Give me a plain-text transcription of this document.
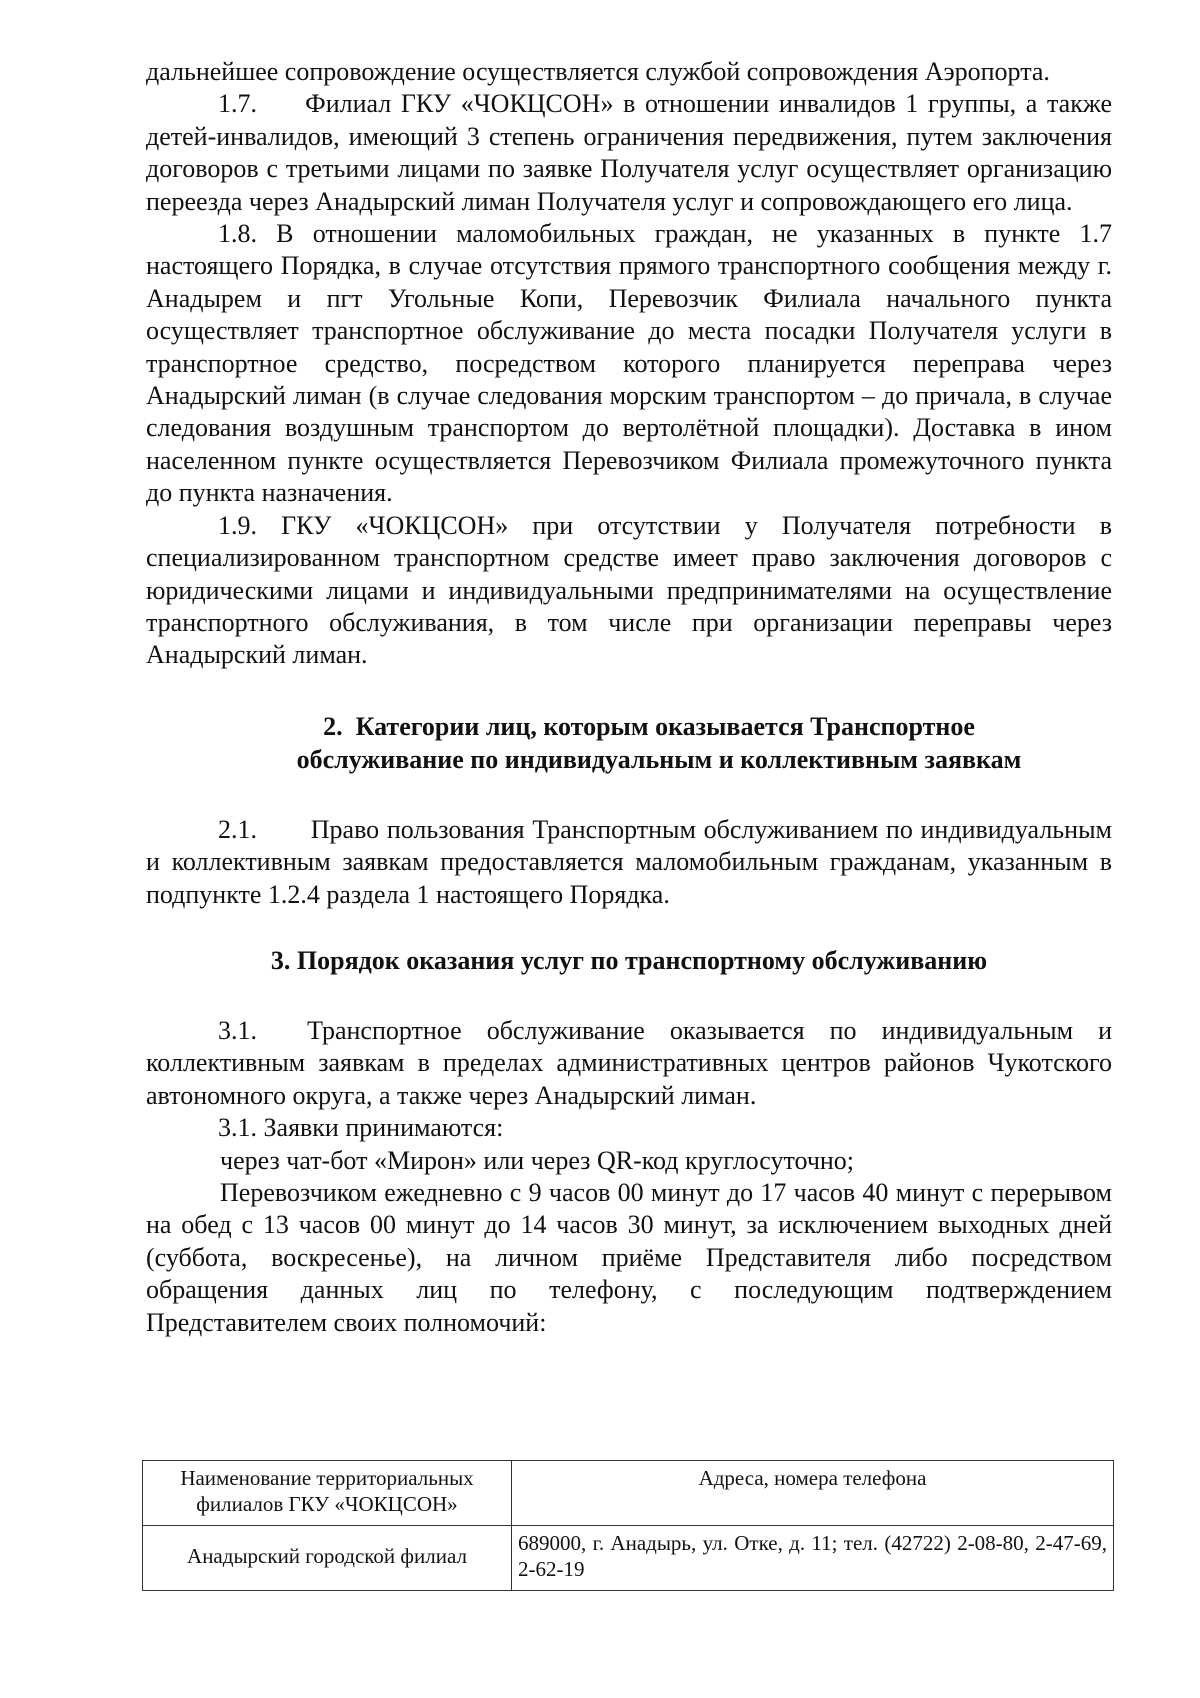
дальнейшее сопровождение осуществляется службой сопровождения Аэропорта.

1.7.     Филиал ГКУ «ЧОКЦСОН» в отношении инвалидов 1 группы, а также детей-инвалидов, имеющий 3 степень ограничения передвижения, путем заключения договоров с третьими лицами по заявке Получателя услуг осуществляет организацию переезда через Анадырский лиман Получателя услуг и сопровождающего его лица.

1.8. В отношении маломобильных граждан, не указанных в пункте 1.7 настоящего Порядка, в случае отсутствия прямого транспортного сообщения между г. Анадырем и пгт Угольные Копи, Перевозчик Филиала начального пункта осуществляет транспортное обслуживание до места посадки Получателя услуги в транспортное средство, посредством которого планируется переправа через Анадырский лиман (в случае следования морским транспортом – до причала, в случае следования воздушным транспортом до вертолётной площадки). Доставка в ином населенном пункте осуществляется Перевозчиком Филиала промежуточного пункта до пункта назначения.

1.9. ГКУ «ЧОКЦСОН» при отсутствии у Получателя потребности в специализированном транспортном средстве имеет право заключения договоров с юридическими лицами и индивидуальными предпринимателями на осуществление транспортного обслуживания, в том числе при организации переправы через Анадырский лиман.

2.  Категории лиц, которым оказывается Транспортное

обслуживание по индивидуальным и коллективным заявкам

2.1.       Право пользования Транспортным обслуживанием по индивидуальным и коллективным заявкам предоставляется маломобильным гражданам, указанным в подпункте 1.2.4 раздела 1 настоящего Порядка.

3. Порядок оказания услуг по транспортному обслуживанию

3.1.  Транспортное обслуживание оказывается по индивидуальным и коллективным заявкам в пределах административных центров районов Чукотского автономного округа, а также через Анадырский лиман.

3.1. Заявки принимаются:

через чат-бот «Мирон» или через QR-код круглосуточно;

Перевозчиком ежедневно с 9 часов 00 минут до 17 часов 40 минут с перерывом на обед с 13 часов 00 минут до 14 часов 30 минут, за исключением выходных дней (суббота, воскресенье), на личном приёме Представителя либо посредством обращения данных лиц по телефону, с последующим подтверждением Представителем своих полномочий:

Наименование территориальных филиалов ГКУ «ЧОКЦСОН»	Адреса, номера телефона
Анадырский городской филиал	689000, г. Анадырь, ул. Отке, д. 11; тел. (42722) 2-08-80, 2-47-69, 2-62-19
